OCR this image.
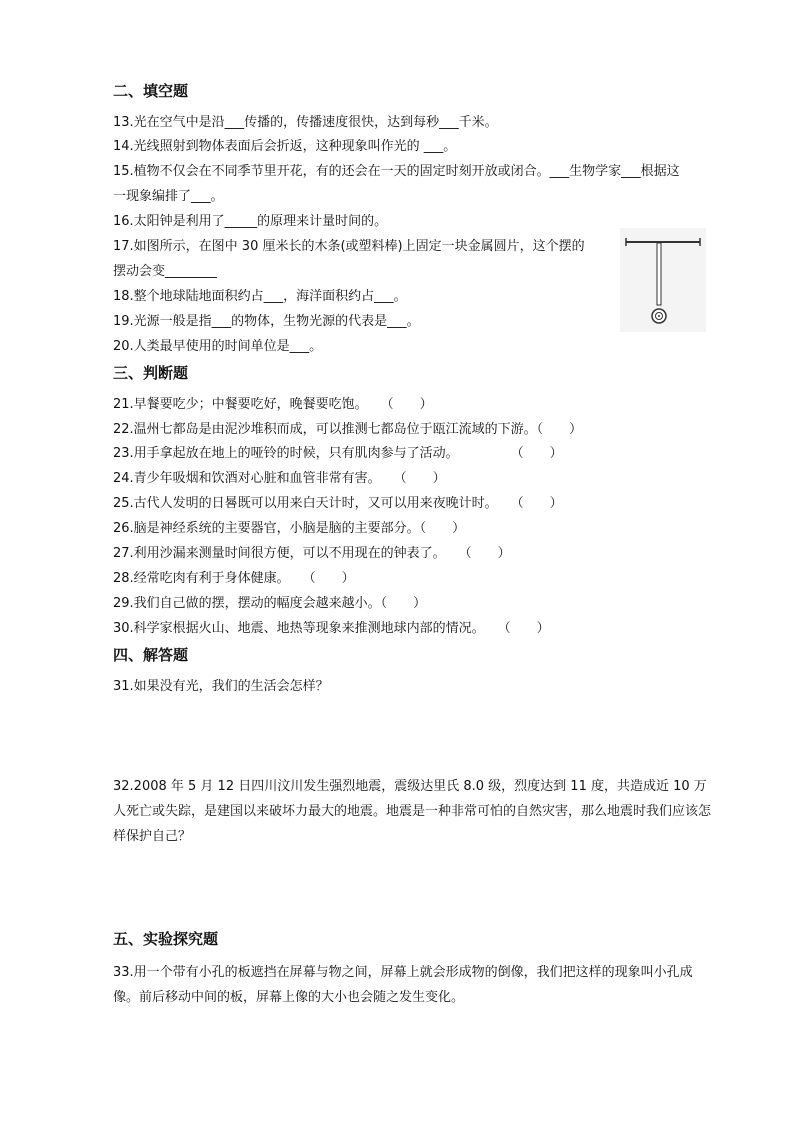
二、填空题
13.光在空气中是沿___传播的，传播速度很快，达到每秒___千米。
14.光线照射到物体表面后会折返，这种现象叫作光的 ___。
15.植物不仅会在不同季节里开花，有的还会在一天的固定时刻开放或闭合。___生物学家___根据这
一现象编排了___。
16.太阳钟是利用了_____的原理来计量时间的。
17.如图所示，在图中 30 厘米长的木条(或塑料棒)上固定一块金属圆片，这个摆的
摆动会变________
18.整个地球陆地面积约占___，海洋面积约占___。
19.光源一般是指___的物体，生物光源的代表是___。
20.人类最早使用的时间单位是___。
三、判断题
21.早餐要吃少；中餐要吃好，晚餐要吃饱。　　（　　）
22.温州七都岛是由泥沙堆积而成，可以推测七都岛位于瓯江流域的下游。（　　）
23.用手拿起放在地上的哑铃的时候，只有肌肉参与了活动。　　　　　（　　）
24.青少年吸烟和饮酒对心脏和血管非常有害。　　（　　）
25.古代人发明的日晷既可以用来白天计时，又可以用来夜晚计时。　　（　　）
26.脑是神经系统的主要器官，小脑是脑的主要部分。（　　）
27.利用沙漏来测量时间很方便，可以不用现在的钟表了。　　（　　）
28.经常吃肉有利于身体健康。　　（　　）
29.我们自己做的摆，摆动的幅度会越来越小。（　　）
30.科学家根据火山、地震、地热等现象来推测地球内部的情况。　　（　　）
四、解答题
31.如果没有光，我们的生活会怎样？
32.2008 年 5 月 12 日四川汶川发生强烈地震，震级达里氏 8.0 级，烈度达到 11 度，共造成近 10 万人死亡或失踪，是建国以来破坏力最大的地震。地震是一种非常可怕的自然灾害，那么地震时我们应该怎样保护自己？
五、实验探究题
33.用一个带有小孔的板遮挡在屏幕与物之间，屏幕上就会形成物的倒像，我们把这样的现象叫小孔成像。前后移动中间的板，屏幕上像的大小也会随之发生变化。
